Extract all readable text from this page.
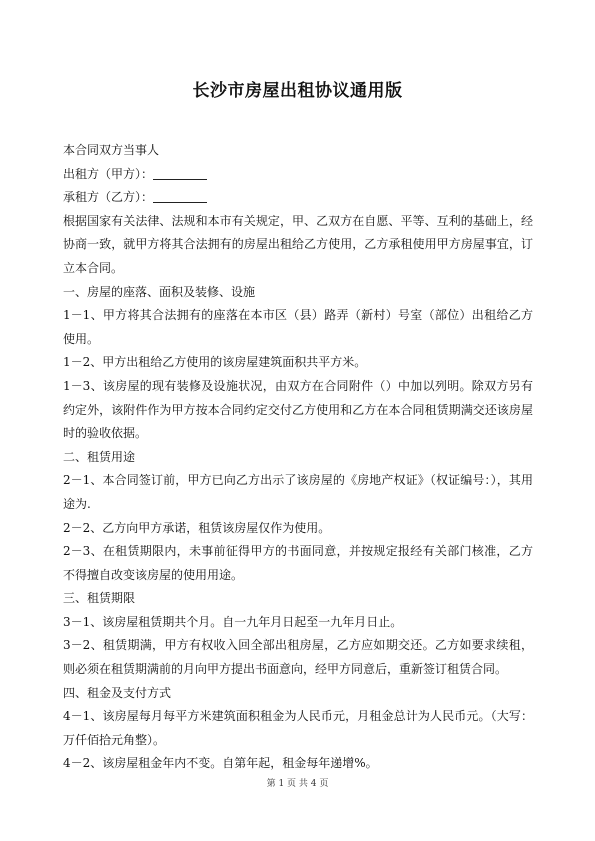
长沙市房屋出租协议通用版

本合同双方当事人

出租方（甲方）：

承租方（乙方）：

根据国家有关法律、法规和本市有关规定，甲、乙双方在自愿、平等、互利的基础上，经协商一致，就甲方将其合法拥有的房屋出租给乙方使用，乙方承租使用甲方房屋事宜，订立本合同。

一、房屋的座落、面积及装修、设施

1－1、甲方将其合法拥有的座落在本市区（县）路弄（新村）号室（部位）出租给乙方使用。

1－2、甲方出租给乙方使用的该房屋建筑面积共平方米。

1－3、该房屋的现有装修及设施状况，由双方在合同附件（）中加以列明。除双方另有约定外，该附件作为甲方按本合同约定交付乙方使用和乙方在本合同租赁期满交还该房屋时的验收依据。

二、租赁用途

2－1、本合同签订前，甲方已向乙方出示了该房屋的《房地产权证》（权证编号：），其用途为.

2－2、乙方向甲方承诺，租赁该房屋仅作为使用。

2－3、在租赁期限内，未事前征得甲方的书面同意，并按规定报经有关部门核准，乙方不得擅自改变该房屋的使用用途。

三、租赁期限

3－1、该房屋租赁期共个月。自一九年月日起至一九年月日止。

3－2、租赁期满，甲方有权收入回全部出租房屋，乙方应如期交还。乙方如要求续租，则必须在租赁期满前的月向甲方提出书面意向，经甲方同意后，重新签订租赁合同。

四、租金及支付方式

4－1、该房屋每月每平方米建筑面积租金为人民币元，月租金总计为人民币元。（大写：万仟佰拾元角整）。

4－2、该房屋租金年内不变。自第年起，租金每年递增%。

第 1 页 共 4 页
